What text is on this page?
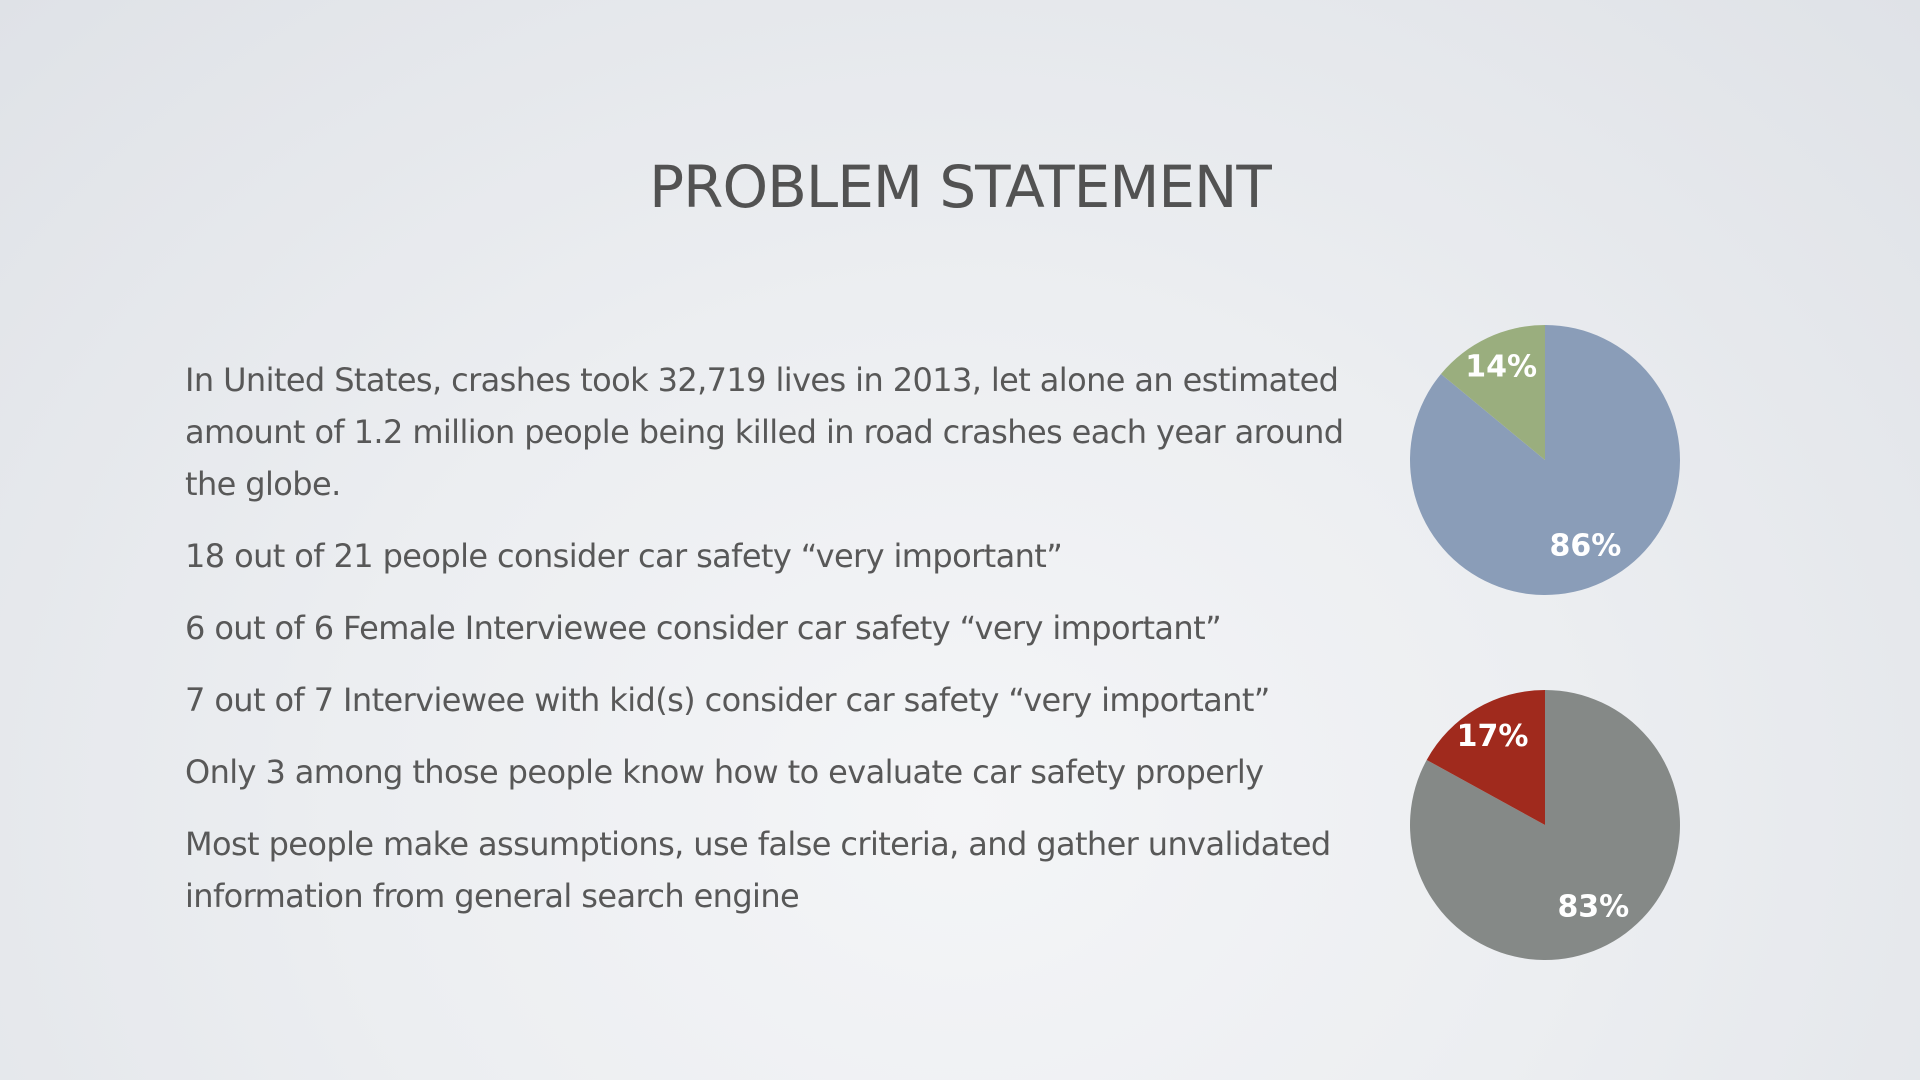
PROBLEM STATEMENT
In United States, crashes took 32,719 lives in 2013, let alone an estimated amount of 1.2 million people being killed in road crashes each year around the globe.
18 out of 21 people consider car safety “very important”
6 out of 6 Female Interviewee consider car safety “very important”
7 out of 7 Interviewee with kid(s) consider car safety “very important”
Only 3 among those people know how to evaluate car safety properly
Most people make assumptions, use false criteria, and gather unvalidated information from general search engine
86%
14%
83%
17%
